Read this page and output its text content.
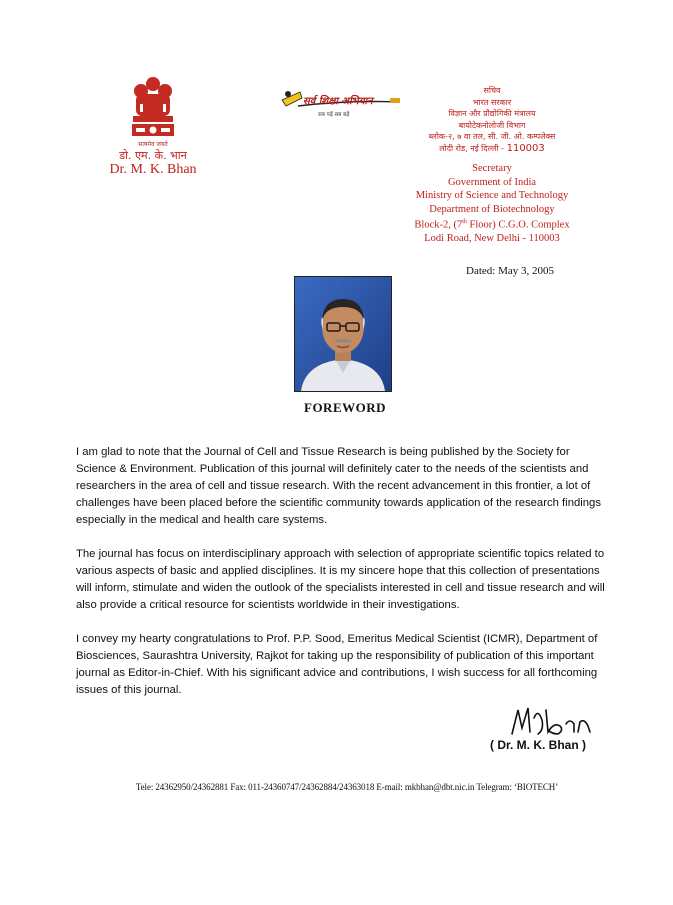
सत्यमेव जयते
डो. एम. के. भान
Dr. M. K. Bhan
सर्व शिक्षा अभियान
सब पढ़ें सब बढ़ें
सचिव
भारत सरकार
विज्ञान और प्रौद्योगिकी मंत्रालय
बायोटेकनोलोजी विभाग
ब्लोक-२, ७ वा तल, सी. जी. ओ. कम्पलेक्स
लोदी रोड, नई दिल्ली - 110003
Secretary
Government of India
Ministry of Science and Technology
Department of Biotechnology
Block-2, (7th Floor) C.G.O. Complex
Lodi Road, New Delhi - 110003
Dated: May 3, 2005
FOREWORD

I am glad to note that the Journal of Cell and Tissue Research is being published by the Society for Science & Environment. Publication of this journal will definitely cater to the needs of the scientists and researchers in the area of cell and tissue research. With the recent advancement in this frontier, a lot of challenges have been placed before the scientific community towards application of the research findings especially in the medical and health care systems.

The journal has focus on interdisciplinary approach with selection of appropriate scientific topics related to various aspects of basic and applied disciplines. It is my sincere hope that this collection of presentations will inform, stimulate and widen the outlook of the specialists interested in cell and tissue research and will also provide a critical resource for scientists worldwide in their investigations.

I convey my hearty congratulations to Prof. P.P. Sood, Emeritus Medical Scientist (ICMR), Department of Biosciences, Saurashtra University, Rajkot for taking up the responsibility of publication of this important journal as Editor-in-Chief. With his significant advice and contributions, I wish success for all forthcoming issues of this journal.

( Dr. M. K. Bhan )
Tele: 24362950/24362881 Fax: 011-24360747/24362884/24363018 E-mail: mkbhan@dbt.nic.in Telegram: ‘BIOTECH’
